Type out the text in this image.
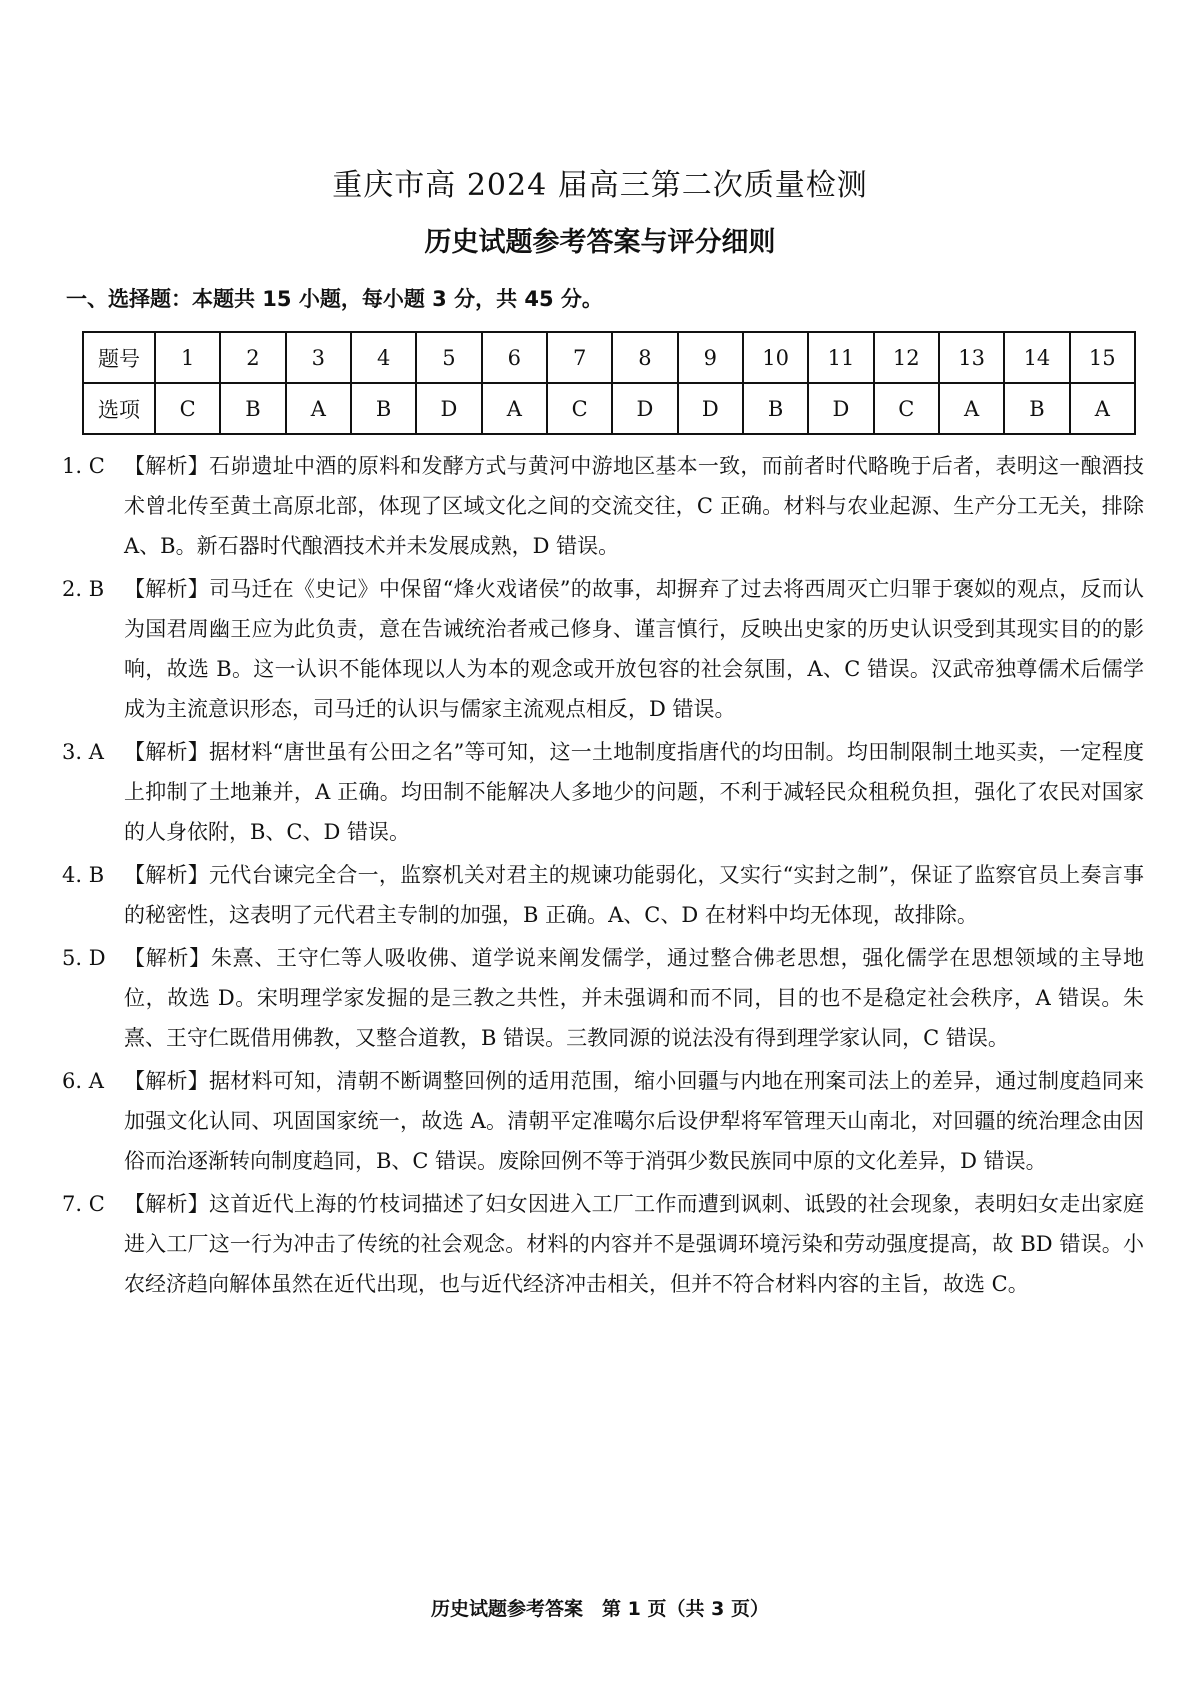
重庆市高 2024 届高三第二次质量检测
历史试题参考答案与评分细则
一、选择题：本题共 15 小题，每小题 3 分，共 45 分。
题号	1	2	3	4	5	6	7	8	9	10	11	12	13	14	15
选项	C	B	A	B	D	A	C	D	D	B	D	C	A	B	A
1. C 【解析】石峁遗址中酒的原料和发酵方式与黄河中游地区基本一致，而前者时代略晚于后者，表明这一酿酒技术曾北传至黄土高原北部，体现了区域文化之间的交流交往，C 正确。材料与农业起源、生产分工无关，排除 A、B。新石器时代酿酒技术并未发展成熟，D 错误。
2. B 【解析】司马迁在《史记》中保留“烽火戏诸侯”的故事，却摒弃了过去将西周灭亡归罪于褒姒的观点，反而认为国君周幽王应为此负责，意在告诫统治者戒己修身、谨言慎行，反映出史家的历史认识受到其现实目的的影响，故选 B。这一认识不能体现以人为本的观念或开放包容的社会氛围，A、C 错误。汉武帝独尊儒术后儒学成为主流意识形态，司马迁的认识与儒家主流观点相反，D 错误。
3. A 【解析】据材料“唐世虽有公田之名”等可知，这一土地制度指唐代的均田制。均田制限制土地买卖，一定程度上抑制了土地兼并，A 正确。均田制不能解决人多地少的问题，不利于减轻民众租税负担，强化了农民对国家的人身依附，B、C、D 错误。
4. B 【解析】元代台谏完全合一，监察机关对君主的规谏功能弱化，又实行“实封之制”，保证了监察官员上奏言事的秘密性，这表明了元代君主专制的加强，B 正确。A、C、D 在材料中均无体现，故排除。
5. D 【解析】朱熹、王守仁等人吸收佛、道学说来阐发儒学，通过整合佛老思想，强化儒学在思想领域的主导地位，故选 D。宋明理学家发掘的是三教之共性，并未强调和而不同，目的也不是稳定社会秩序，A 错误。朱熹、王守仁既借用佛教，又整合道教，B 错误。三教同源的说法没有得到理学家认同，C 错误。
6. A 【解析】据材料可知，清朝不断调整回例的适用范围，缩小回疆与内地在刑案司法上的差异，通过制度趋同来加强文化认同、巩固国家统一，故选 A。清朝平定准噶尔后设伊犁将军管理天山南北，对回疆的统治理念由因俗而治逐渐转向制度趋同，B、C 错误。废除回例不等于消弭少数民族同中原的文化差异，D 错误。
7. C 【解析】这首近代上海的竹枝词描述了妇女因进入工厂工作而遭到讽刺、诋毁的社会现象，表明妇女走出家庭进入工厂这一行为冲击了传统的社会观念。材料的内容并不是强调环境污染和劳动强度提高，故 BD 错误。小农经济趋向解体虽然在近代出现，也与近代经济冲击相关，但并不符合材料内容的主旨，故选 C。
历史试题参考答案　第 1 页（共 3 页）
